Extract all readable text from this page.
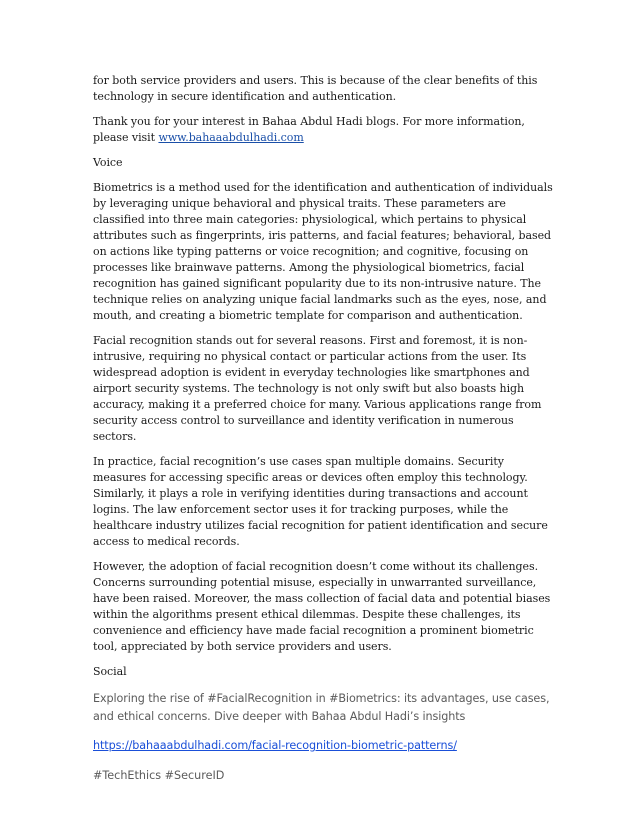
for both service providers and users. This is because of the clear benefits of this technology in secure identification and authentication.

Thank you for your interest in Bahaa Abdul Hadi blogs. For more information, please visit www.bahaaabdulhadi.com

Voice

Biometrics is a method used for the identification and authentication of individuals by leveraging unique behavioral and physical traits. These parameters are classified into three main categories: physiological, which pertains to physical attributes such as fingerprints, iris patterns, and facial features; behavioral, based on actions like typing patterns or voice recognition; and cognitive, focusing on processes like brainwave patterns. Among the physiological biometrics, facial recognition has gained significant popularity due to its non-intrusive nature. The technique relies on analyzing unique facial landmarks such as the eyes, nose, and mouth, and creating a biometric template for comparison and authentication.

Facial recognition stands out for several reasons. First and foremost, it is non-intrusive, requiring no physical contact or particular actions from the user. Its widespread adoption is evident in everyday technologies like smartphones and airport security systems. The technology is not only swift but also boasts high accuracy, making it a preferred choice for many. Various applications range from security access control to surveillance and identity verification in numerous sectors.

In practice, facial recognition’s use cases span multiple domains. Security measures for accessing specific areas or devices often employ this technology. Similarly, it plays a role in verifying identities during transactions and account logins. The law enforcement sector uses it for tracking purposes, while the healthcare industry utilizes facial recognition for patient identification and secure access to medical records.

However, the adoption of facial recognition doesn’t come without its challenges. Concerns surrounding potential misuse, especially in unwarranted surveillance, have been raised. Moreover, the mass collection of facial data and potential biases within the algorithms present ethical dilemmas. Despite these challenges, its convenience and efficiency have made facial recognition a prominent biometric tool, appreciated by both service providers and users.

Social

Exploring the rise of #FacialRecognition in #Biometrics: its advantages, use cases, and ethical concerns. Dive deeper with Bahaa Abdul Hadi’s insights

https://bahaaabdulhadi.com/facial-recognition-biometric-patterns/

#TechEthics #SecureID
